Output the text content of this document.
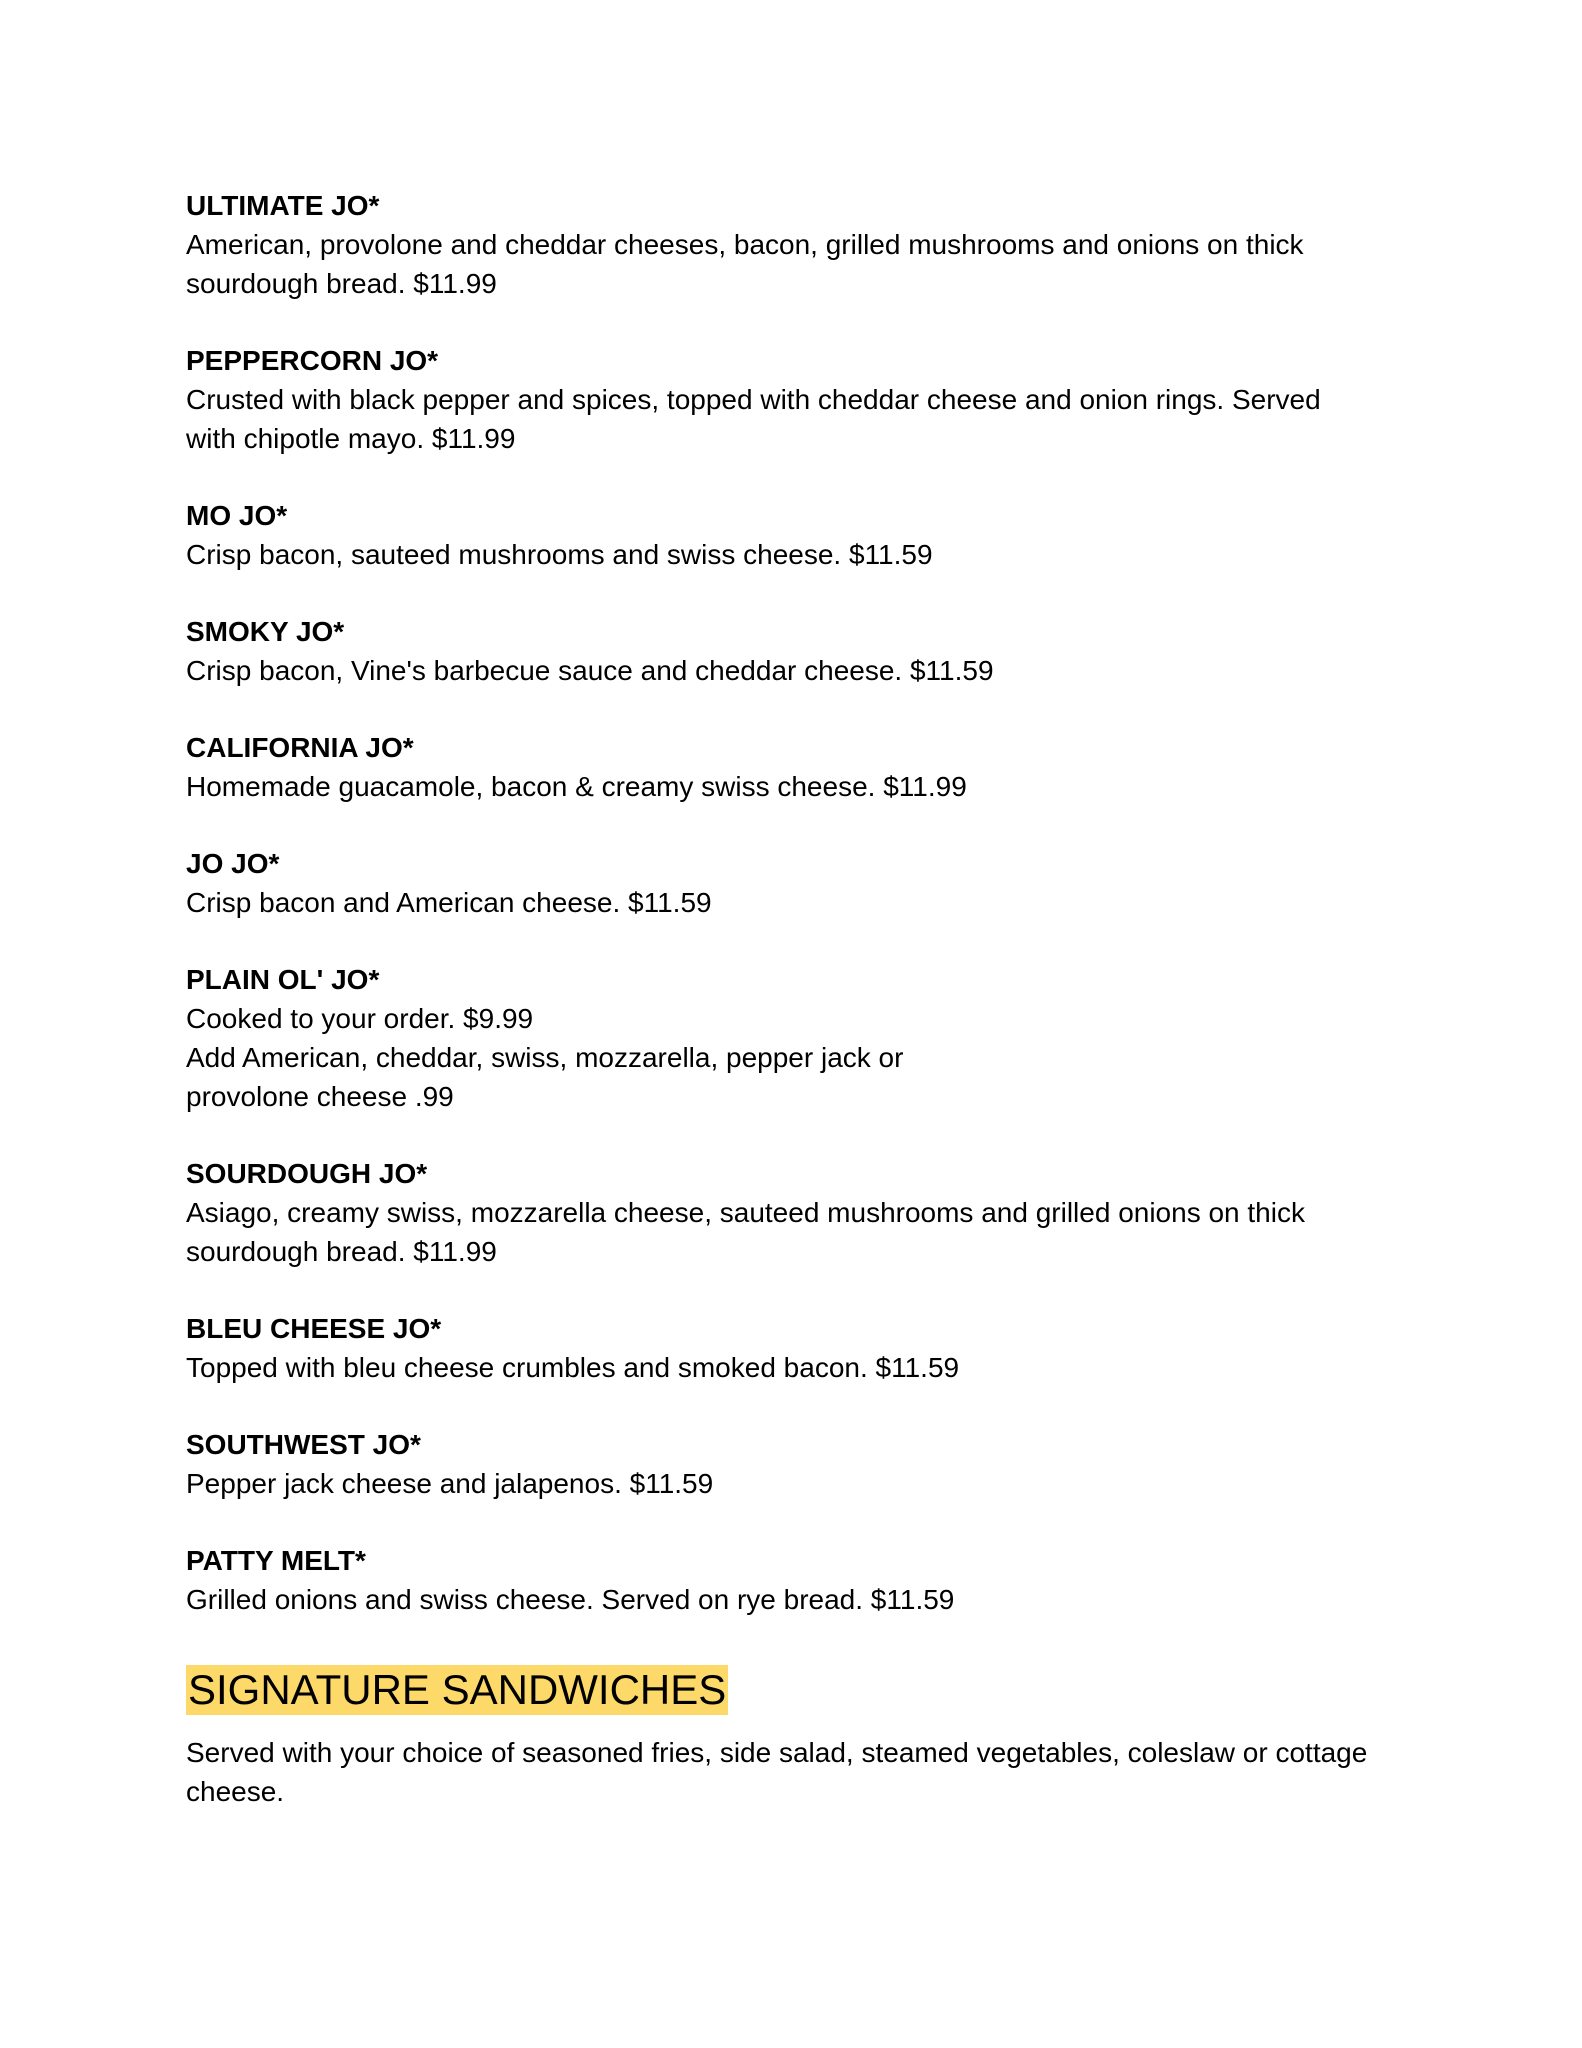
ULTIMATE JO*
American, provolone and cheddar cheeses, bacon, grilled mushrooms and onions on thick
sourdough bread. $11.99
PEPPERCORN JO*
Crusted with black pepper and spices, topped with cheddar cheese and onion rings. Served
with chipotle mayo. $11.99
MO JO*
Crisp bacon, sauteed mushrooms and swiss cheese. $11.59
SMOKY JO*
Crisp bacon, Vine's barbecue sauce and cheddar cheese. $11.59
CALIFORNIA JO*
Homemade guacamole, bacon & creamy swiss cheese. $11.99
JO JO*
Crisp bacon and American cheese. $11.59
PLAIN OL' JO*
Cooked to your order. $9.99
Add American, cheddar, swiss, mozzarella, pepper jack or
provolone cheese .99
SOURDOUGH JO*
Asiago, creamy swiss, mozzarella cheese, sauteed mushrooms and grilled onions on thick
sourdough bread. $11.99
BLEU CHEESE JO*
Topped with bleu cheese crumbles and smoked bacon. $11.59
SOUTHWEST JO*
Pepper jack cheese and jalapenos. $11.59
PATTY MELT*
Grilled onions and swiss cheese. Served on rye bread. $11.59
SIGNATURE SANDWICHES
Served with your choice of seasoned fries, side salad, steamed vegetables, coleslaw or cottage
cheese.
